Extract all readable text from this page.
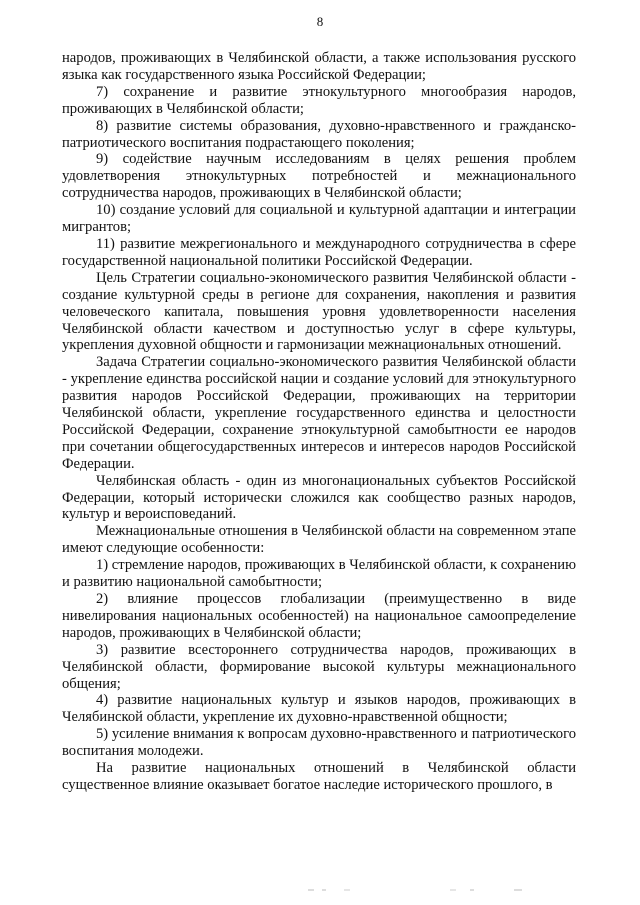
8

народов, проживающих в Челябинской области, а также использования русского языка как государственного языка Российской Федерации;

7) сохранение и развитие этнокультурного многообразия народов, проживающих в Челябинской области;

8) развитие системы образования, духовно-нравственного и гражданско-патриотического воспитания подрастающего поколения;

9) содействие научным исследованиям в целях решения проблем удовлетворения этнокультурных потребностей и межнационального сотрудничества народов, проживающих в Челябинской области;

10) создание условий для социальной и культурной адаптации и интеграции мигрантов;

11) развитие межрегионального и международного сотрудничества в сфере государственной национальной политики Российской Федерации.

Цель Стратегии социально-экономического развития Челябинской области - создание культурной среды в регионе для сохранения, накопления и развития человеческого капитала, повышения уровня удовлетворенности населения Челябинской области качеством и доступностью услуг в сфере культуры, укрепления духовной общности и гармонизации межнациональных отношений.

Задача Стратегии социально-экономического развития Челябинской области - укрепление единства российской нации и создание условий для этнокультурного развития народов Российской Федерации, проживающих на территории Челябинской области, укрепление государственного единства и целостности Российской Федерации, сохранение этнокультурной самобытности ее народов при сочетании общегосударственных интересов и интересов народов Российской Федерации.

Челябинская область - один из многонациональных субъектов Российской Федерации, который исторически сложился как сообщество разных народов, культур и вероисповеданий.

Межнациональные отношения в Челябинской области на современном этапе имеют следующие особенности:

1) стремление народов, проживающих в Челябинской области, к сохранению и развитию национальной самобытности;

2) влияние процессов глобализации (преимущественно в виде нивелирования национальных особенностей) на национальное самоопределение народов, проживающих в Челябинской области;

3) развитие всестороннего сотрудничества народов, проживающих в Челябинской области, формирование высокой культуры межнационального общения;

4) развитие национальных культур и языков народов, проживающих в Челябинской области, укрепление их духовно-нравственной общности;

5) усиление внимания к вопросам духовно-нравственного и патриотического воспитания молодежи.

На развитие национальных отношений в Челябинской области существенное влияние оказывает богатое наследие исторического прошлого, в
